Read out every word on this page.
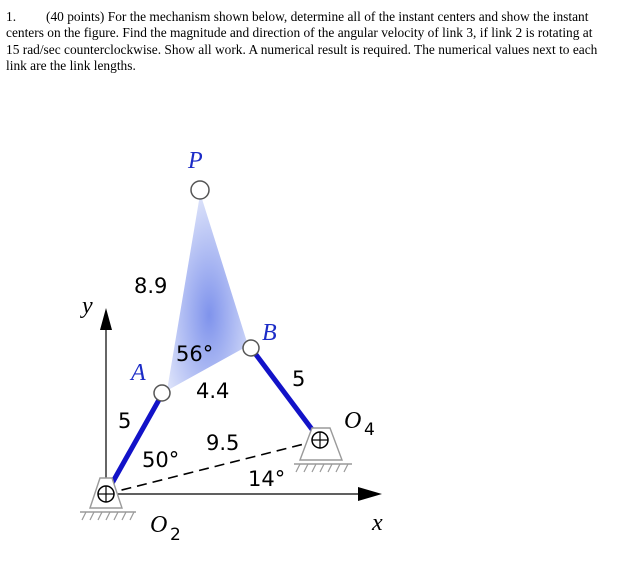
1. (40 points) For the mechanism shown below, determine all of the instant centers and show the instant centers on the figure. Find the magnitude and direction of the angular velocity of link 3, if link 2 is rotating at 15 rad/sec counterclockwise. Show all work. A numerical result is required. The numerical values next to each link are the link lengths.
P
A
B
y
x
8.9
4.4
5
5
9.5
56°
50°
14°
O 2
O 4
